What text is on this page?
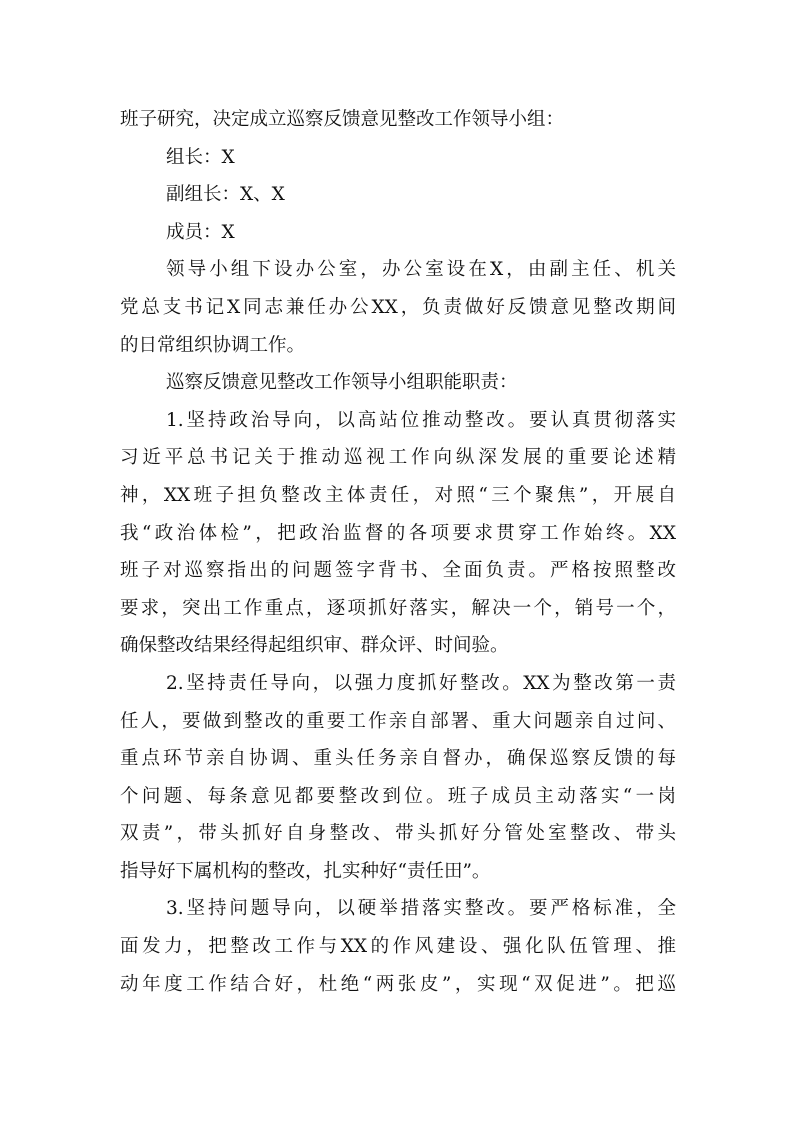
班子研究，决定成立巡察反馈意见整改工作领导小组：
组长：X
副组长：X、X
成员：X
领导小组下设办公室，办公室设在X，由副主任、机关
党总支书记X同志兼任办公XX，负责做好反馈意见整改期间
的日常组织协调工作。
巡察反馈意见整改工作领导小组职能职责：
1.坚持政治导向，以高站位推动整改。要认真贯彻落实
习近平总书记关于推动巡视工作向纵深发展的重要论述精
神，XX班子担负整改主体责任，对照“三个聚焦”，开展自
我“政治体检”，把政治监督的各项要求贯穿工作始终。XX
班子对巡察指出的问题签字背书、全面负责。严格按照整改
要求，突出工作重点，逐项抓好落实，解决一个，销号一个，
确保整改结果经得起组织审、群众评、时间验。
2.坚持责任导向，以强力度抓好整改。XX为整改第一责
任人，要做到整改的重要工作亲自部署、重大问题亲自过问、
重点环节亲自协调、重头任务亲自督办，确保巡察反馈的每
个问题、每条意见都要整改到位。班子成员主动落实“一岗
双责”，带头抓好自身整改、带头抓好分管处室整改、带头
指导好下属机构的整改，扎实种好“责任田”。
3.坚持问题导向，以硬举措落实整改。要严格标准，全
面发力，把整改工作与XX的作风建设、强化队伍管理、推
动年度工作结合好，杜绝“两张皮”，实现“双促进”。把巡
